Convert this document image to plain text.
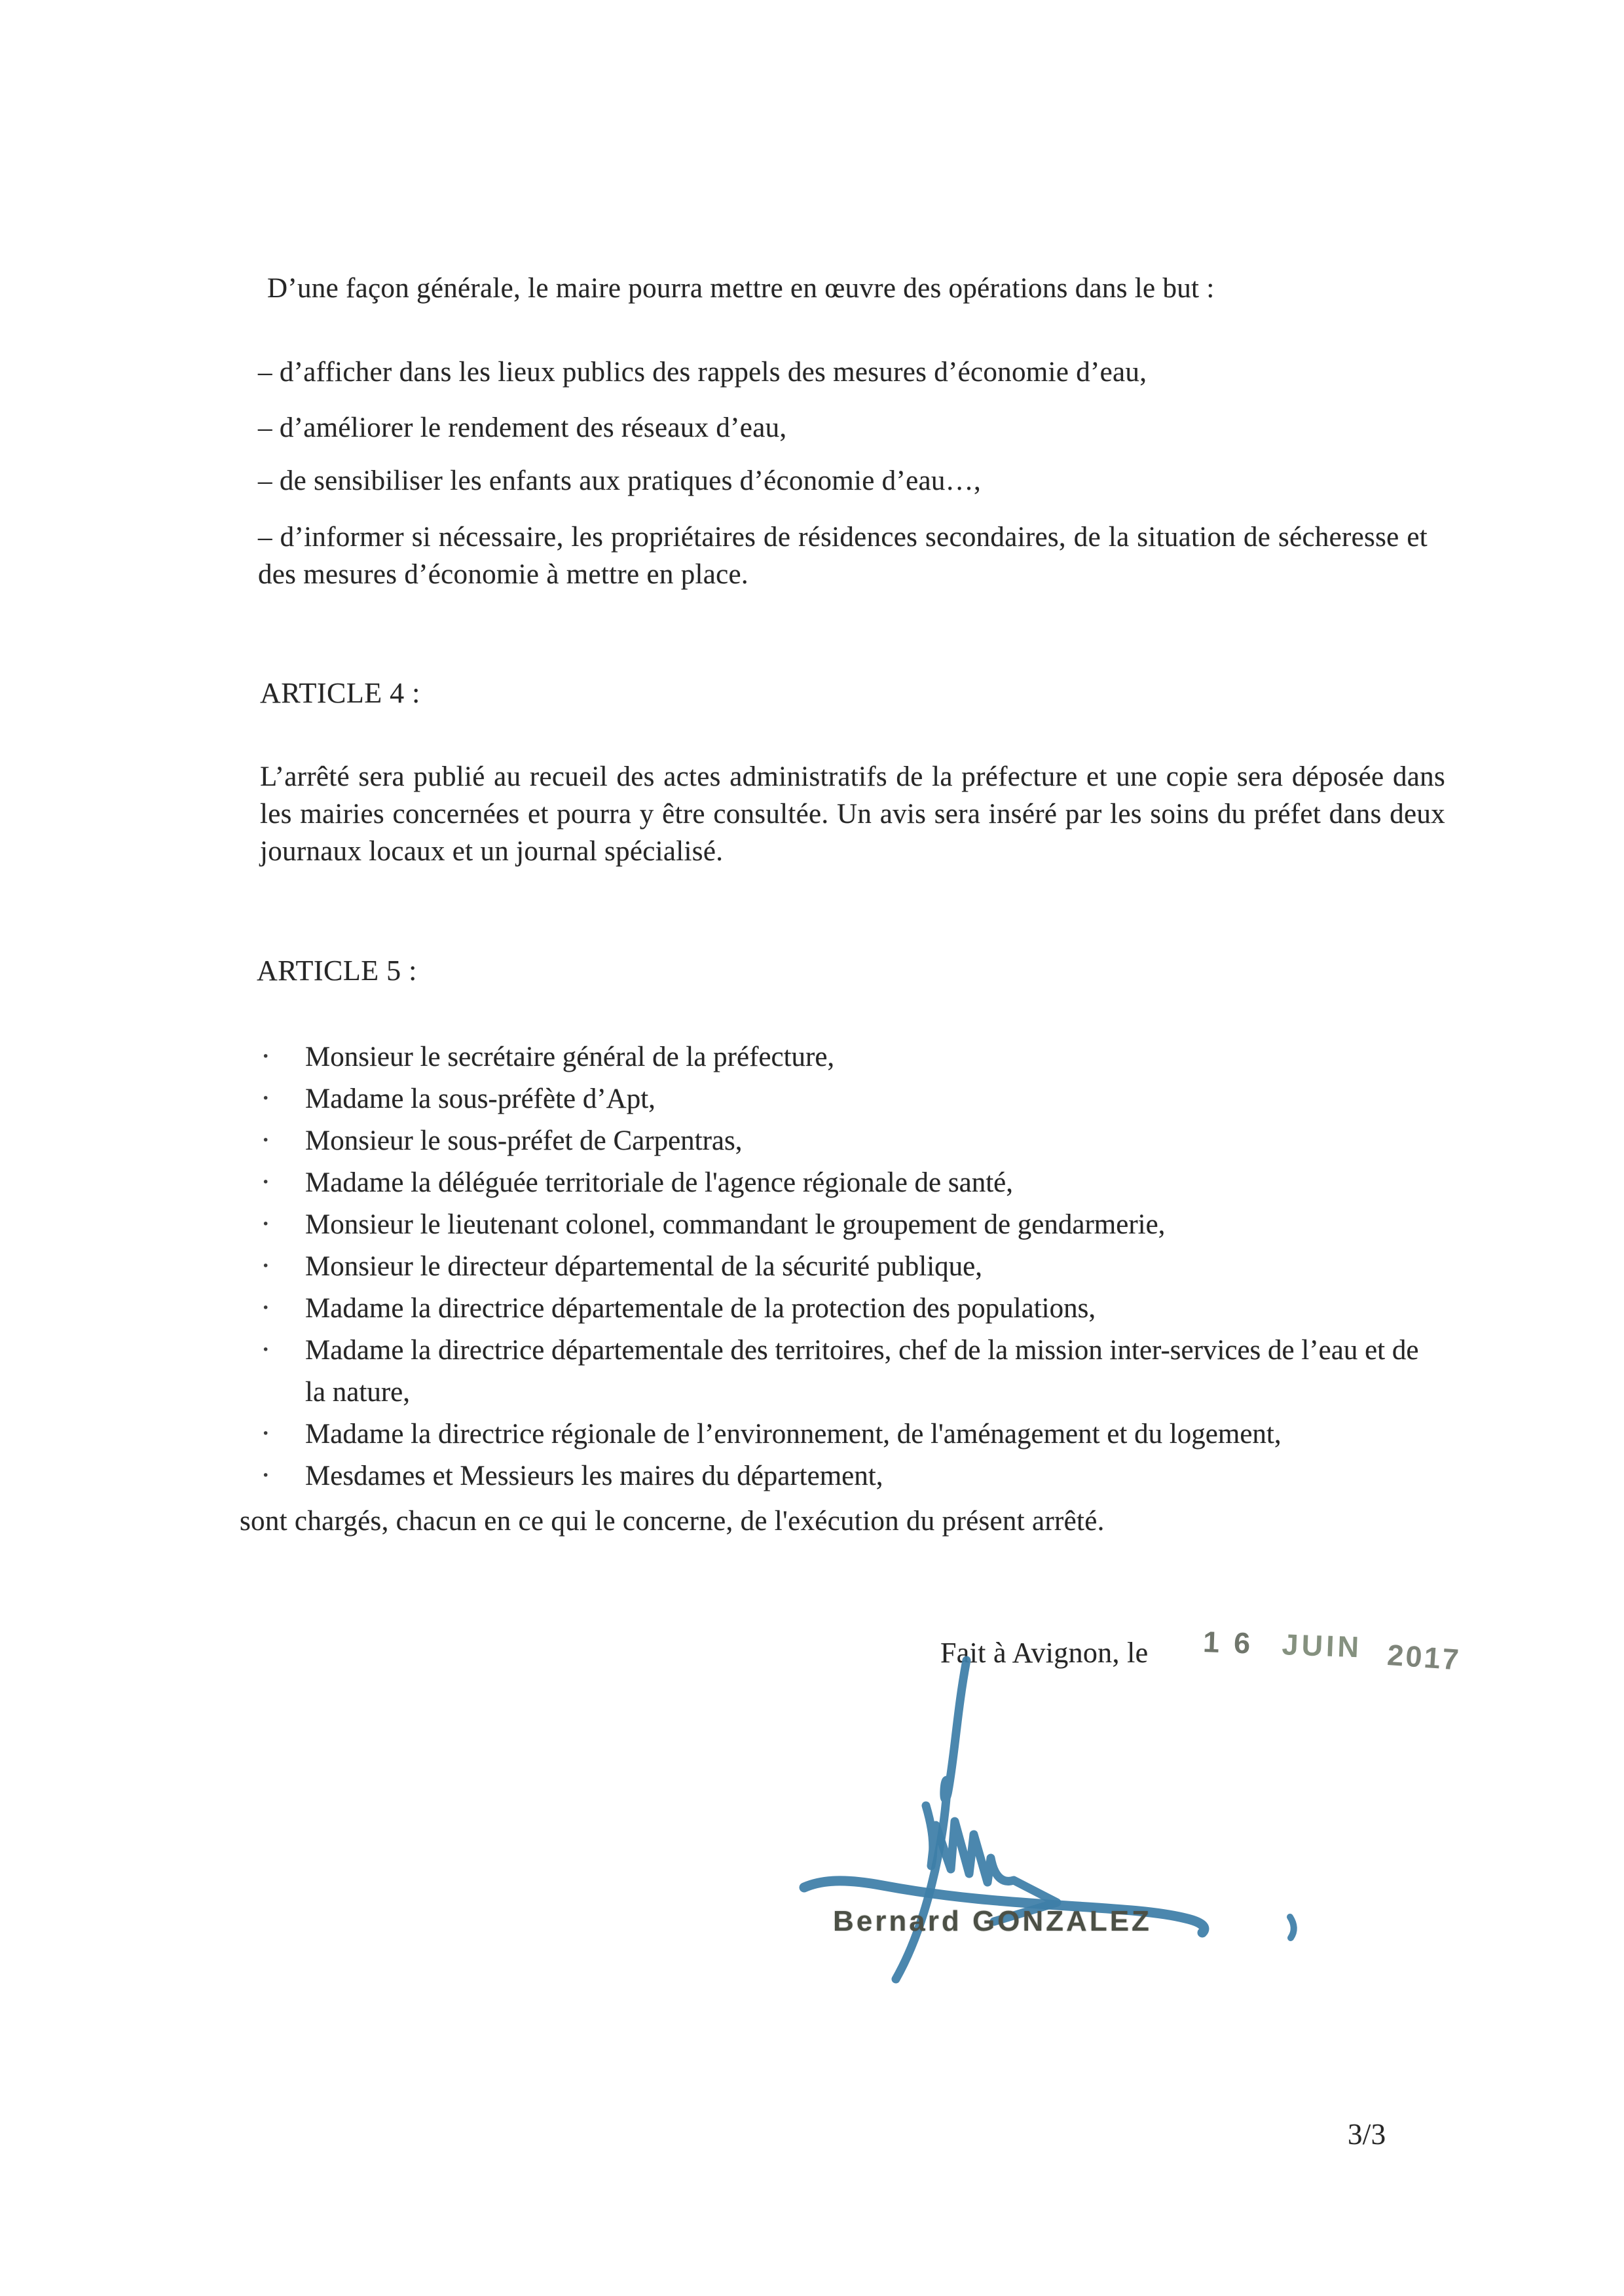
D’une façon générale, le maire pourra mettre en œuvre des opérations dans le but :

– d’afficher dans les lieux publics des rappels des mesures d’économie d’eau,

– d’améliorer le rendement des réseaux d’eau,

– de sensibiliser les enfants aux pratiques d’économie d’eau…,

– d’informer si nécessaire, les propriétaires de résidences secondaires, de la situation de sécheresse et des mesures d’économie à mettre en place.

ARTICLE 4 :

L’arrêté sera publié au recueil des actes administratifs de la préfecture et une copie sera déposée dans les mairies concernées et pourra y être consultée. Un avis sera inséré par les soins du préfet dans deux journaux locaux et un journal spécialisé.

ARTICLE 5 :

· Monsieur le secrétaire général de la préfecture,
· Madame la sous-préfète d’Apt,
· Monsieur le sous-préfet de Carpentras,
· Madame la déléguée territoriale de l'agence régionale de santé,
· Monsieur le lieutenant colonel, commandant le groupement de gendarmerie,
· Monsieur le directeur départemental de la sécurité publique,
· Madame la directrice départementale de la protection des populations,
· Madame la directrice départementale des territoires, chef de la mission inter-services de l’eau et de la nature,
· Madame la directrice régionale de l’environnement, de l'aménagement et du logement,
· Mesdames et Messieurs les maires du département,

sont chargés, chacun en ce qui le concerne, de l'exécution du présent arrêté.

Fait à Avignon, le 16 JUIN 2017
Bernard GONZALEZ
3/3
